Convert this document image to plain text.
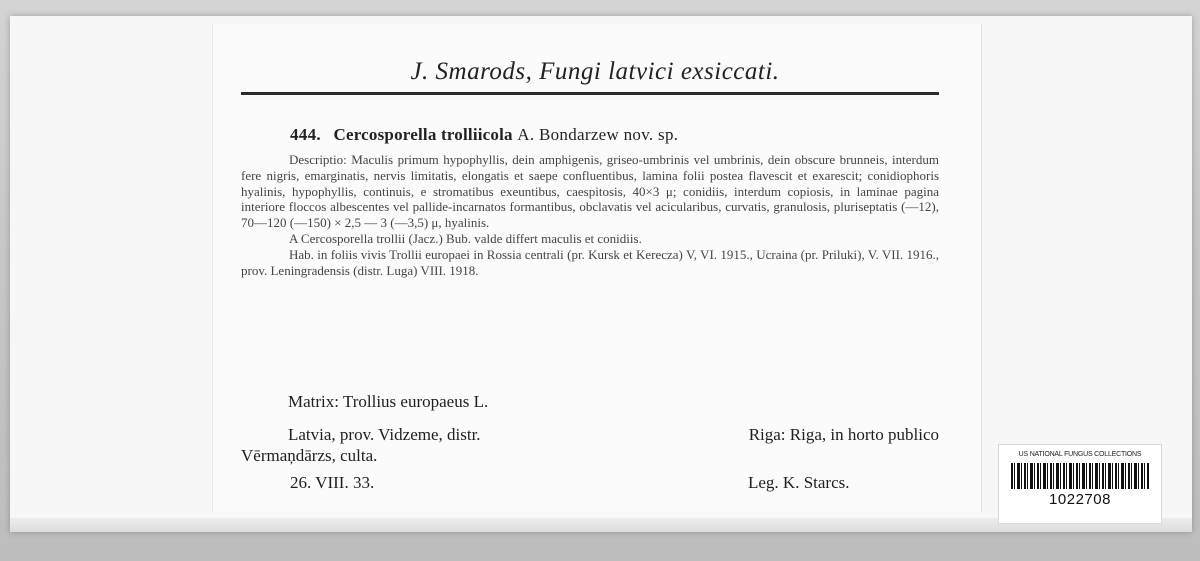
J. Smarods, Fungi latvici exsiccati.
444. Cercosporella trolliicola A. Bondarzew nov. sp.

Descriptio: Maculis primum hypophyllis, dein amphigenis, griseo-umbrinis vel umbrinis, dein obscure brunneis, interdum fere nigris, emarginatis, nervis limitatis, elongatis et saepe confluentibus, lamina folii postea flavescit et exarescit; conidiophoris hyalinis, hypophyllis, continuis, e stromatibus exeuntibus, caespitosis, 40×3 μ; conidiis, interdum copiosis, in laminae pagina interiore floccos albescentes vel pallide-incarnatos formantibus, obclavatis vel acicularibus, curvatis, granulosis, pluriseptatis (—12), 70—120 (—150) × 2,5 — 3 (—3,5) μ, hyalinis.

A Cercosporella trollii (Jacz.) Bub. valde differt maculis et conidiis.

Hab. in foliis vivis Trollii europaei in Rossia centrali (pr. Kursk et Kerecza) V, VI. 1915., Ucraina (pr. Priluki), V. VII. 1916., prov. Leningradensis (distr. Luga) VIII. 1918.

Matrix: Trollius europaeus L.
Latvia, prov. Vidzeme, distr.	Riga: Riga, in horto publico
Vērmaņdārzs, culta.
26. VIII. 33.	Leg. K. Starcs.
US NATIONAL FUNGUS COLLECTIONS
1022708
